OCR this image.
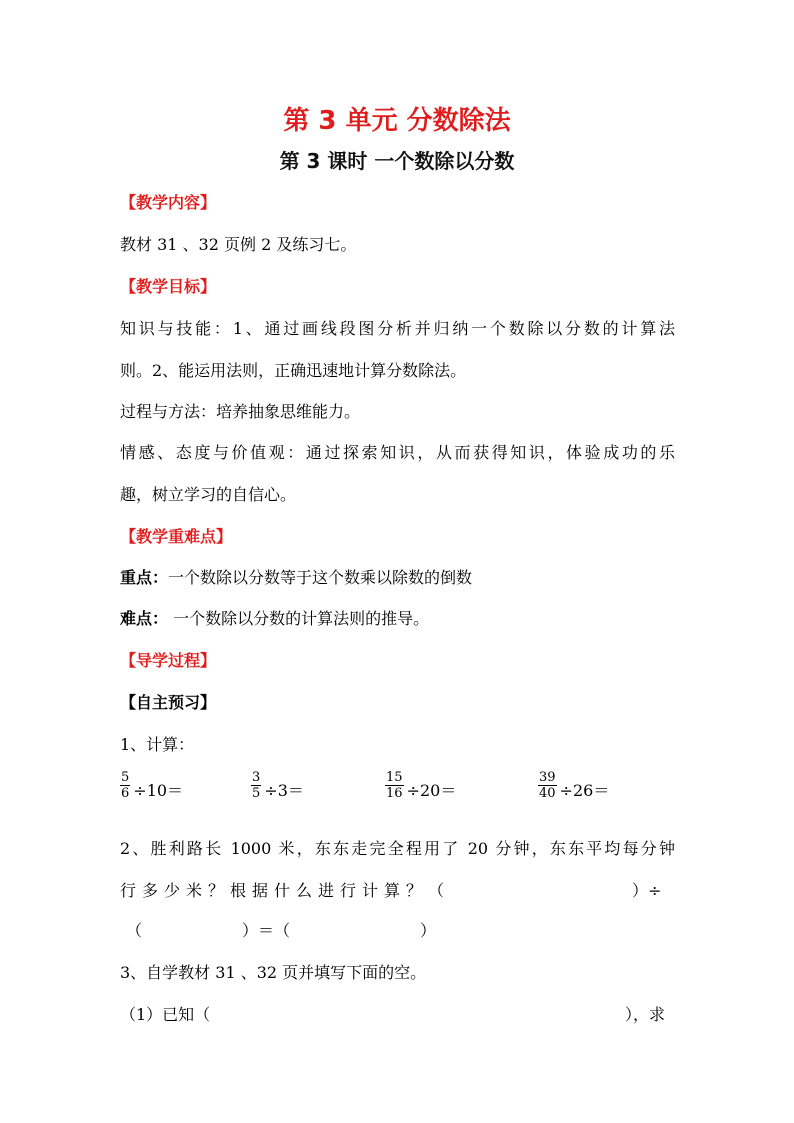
第 3 单元 分数除法
第 3 课时 一个数除以分数
【教学内容】
教材 31 、32 页例 2 及练习七。
【教学目标】
知识与技能：1、通过画线段图分析并归纳一个数除以分数的计算法
则。2、能运用法则，正确迅速地计算分数除法。
过程与方法：培养抽象思维能力。
情感、态度与价值观：通过探索知识，从而获得知识，体验成功的乐
趣，树立学习的自信心。
【教学重难点】
重点：一个数除以分数等于这个数乘以除数的倒数
难点： 一个数除以分数的计算法则的推导。
【导学过程】
【自主预习】
1、计算：
$\frac{5}{6} \div 10=$	$\frac{3}{5} \div 3=$	$\frac{15}{16} \div 20=$	$\frac{39}{40} \div 26=$
2、胜利路长 1000 米，东东走完全程用了 20 分钟，东东平均每分钟
行多少米？根据什么进行计算？（	）÷
（	）＝（	）
3、自学教材 31 、32 页并填写下面的空。
（1）已知（	），求
